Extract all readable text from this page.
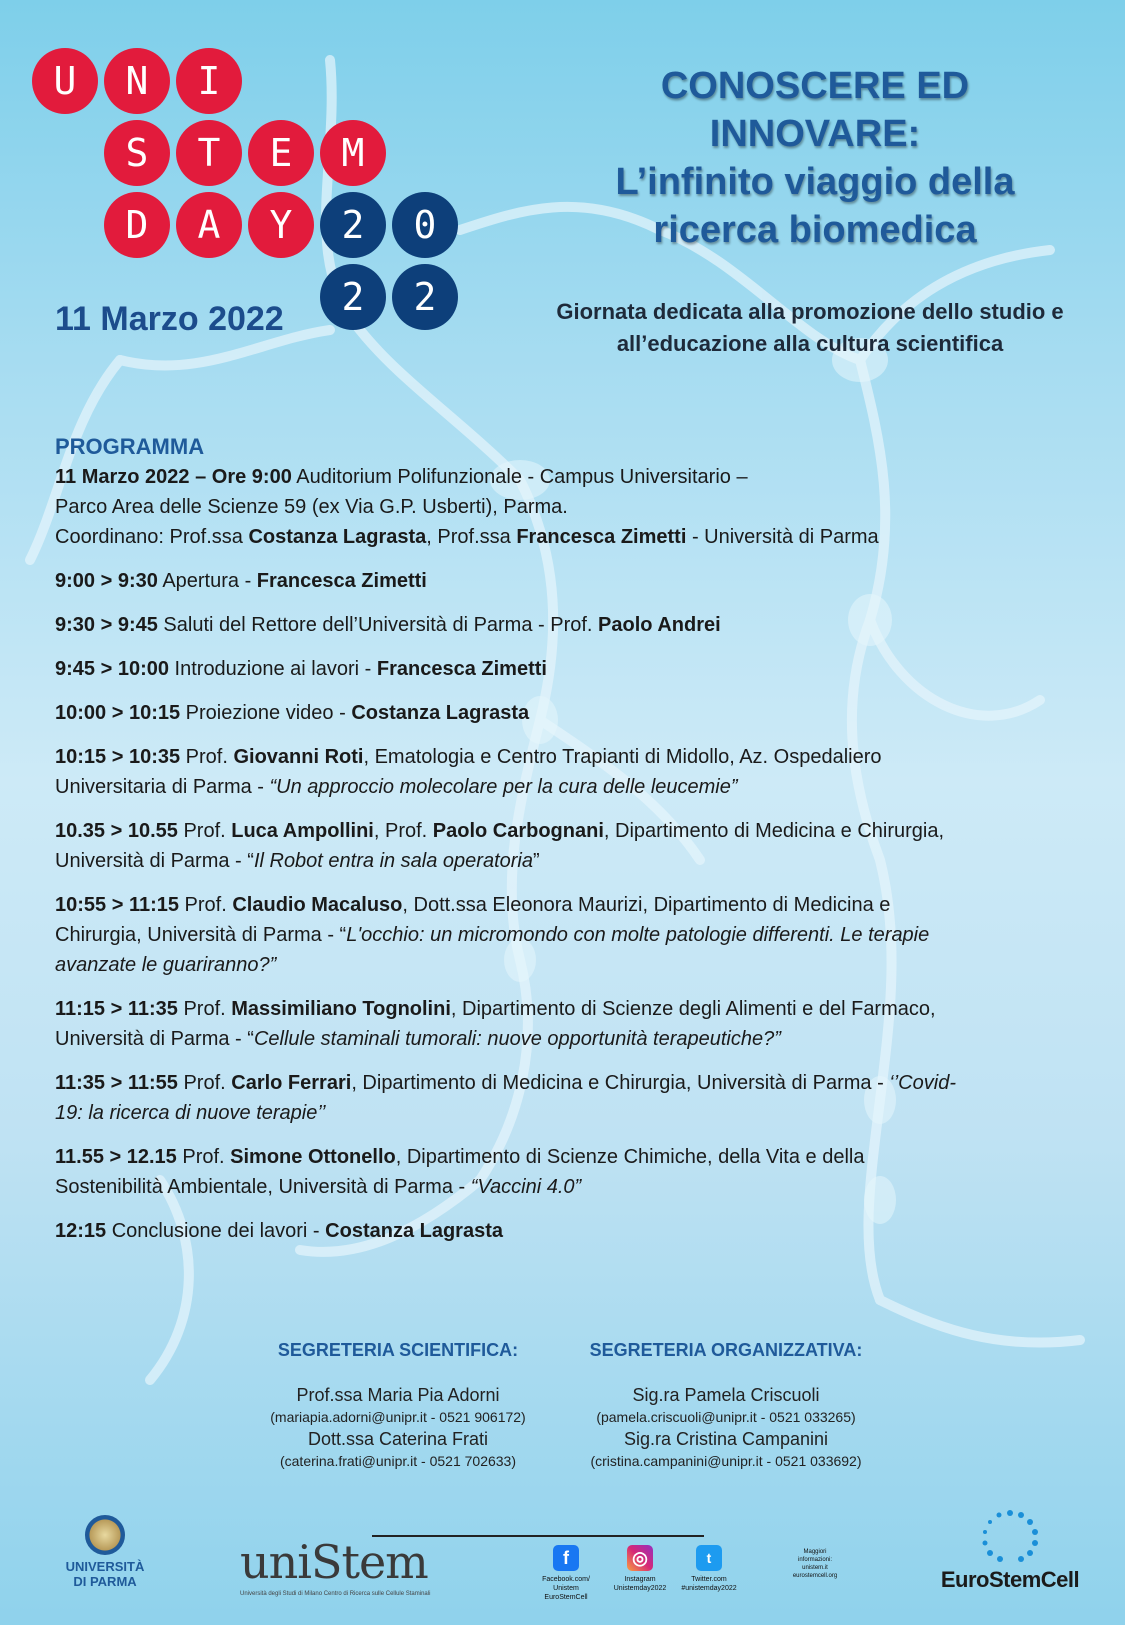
U	N	I
S	T	E	M
D	A	Y	2	0
2	2
11 Marzo 2022
CONOSCERE ED
INNOVARE:
L’infinito viaggio della
ricerca biomedica
Giornata dedicata alla promozione dello studio e
all’educazione alla cultura scientifica
PROGRAMMA
11 Marzo 2022 – Ore 9:00 Auditorium Polifunzionale - Campus Universitario –
Parco Area delle Scienze 59 (ex Via G.P. Usberti), Parma.
Coordinano: Prof.ssa Costanza Lagrasta, Prof.ssa Francesca Zimetti - Università di Parma
9:00 > 9:30 Apertura - Francesca Zimetti
9:30 > 9:45 Saluti del Rettore dell’Università di Parma - Prof. Paolo Andrei
9:45 > 10:00 Introduzione ai lavori - Francesca Zimetti
10:00 > 10:15 Proiezione video - Costanza Lagrasta
10:15 > 10:35 Prof. Giovanni Roti, Ematologia e Centro Trapianti di Midollo, Az. Ospedaliero
Universitaria di Parma - “Un approccio molecolare per la cura delle leucemie”
10.35 > 10.55 Prof. Luca Ampollini, Prof. Paolo Carbognani, Dipartimento di Medicina e Chirurgia,
Università di Parma - “Il Robot entra in sala operatoria”
10:55 > 11:15 Prof. Claudio Macaluso, Dott.ssa Eleonora Maurizi, Dipartimento di Medicina e
Chirurgia, Università di Parma - “L'occhio: un micromondo con molte patologie differenti. Le terapie
avanzate le guariranno?”
11:15 > 11:35 Prof. Massimiliano Tognolini, Dipartimento di Scienze degli Alimenti e del Farmaco,
Università di Parma - “Cellule staminali tumorali: nuove opportunità terapeutiche?”
11:35 > 11:55 Prof. Carlo Ferrari, Dipartimento di Medicina e Chirurgia, Università di Parma - ‘’Covid-
19: la ricerca di nuove terapie’’
11.55 > 12.15 Prof. Simone Ottonello, Dipartimento di Scienze Chimiche, della Vita e della
Sostenibilità Ambientale, Università di Parma - “Vaccini 4.0”
12:15 Conclusione dei lavori - Costanza Lagrasta
SEGRETERIA SCIENTIFICA:
Prof.ssa Maria Pia Adorni
(mariapia.adorni@unipr.it - 0521 906172)
Dott.ssa Caterina Frati
(caterina.frati@unipr.it - 0521 702633)
SEGRETERIA ORGANIZZATIVA:
Sig.ra Pamela Criscuoli
(pamela.criscuoli@unipr.it - 0521 033265)
Sig.ra Cristina Campanini
(cristina.campanini@unipr.it - 0521 033692)
UNIVERSITÀ
DI PARMA	uniStem
Università degli Studi di Milano Centro di Ricerca sulle Cellule Staminali
f
Facebook.com/
Unistem
EuroStemCell
◎
Instagram
Unistemday2022
t
Twitter.com
#unistemday2022
Maggiori
informazioni:
unistem.it
eurostemcell.org	EuroStemCell
